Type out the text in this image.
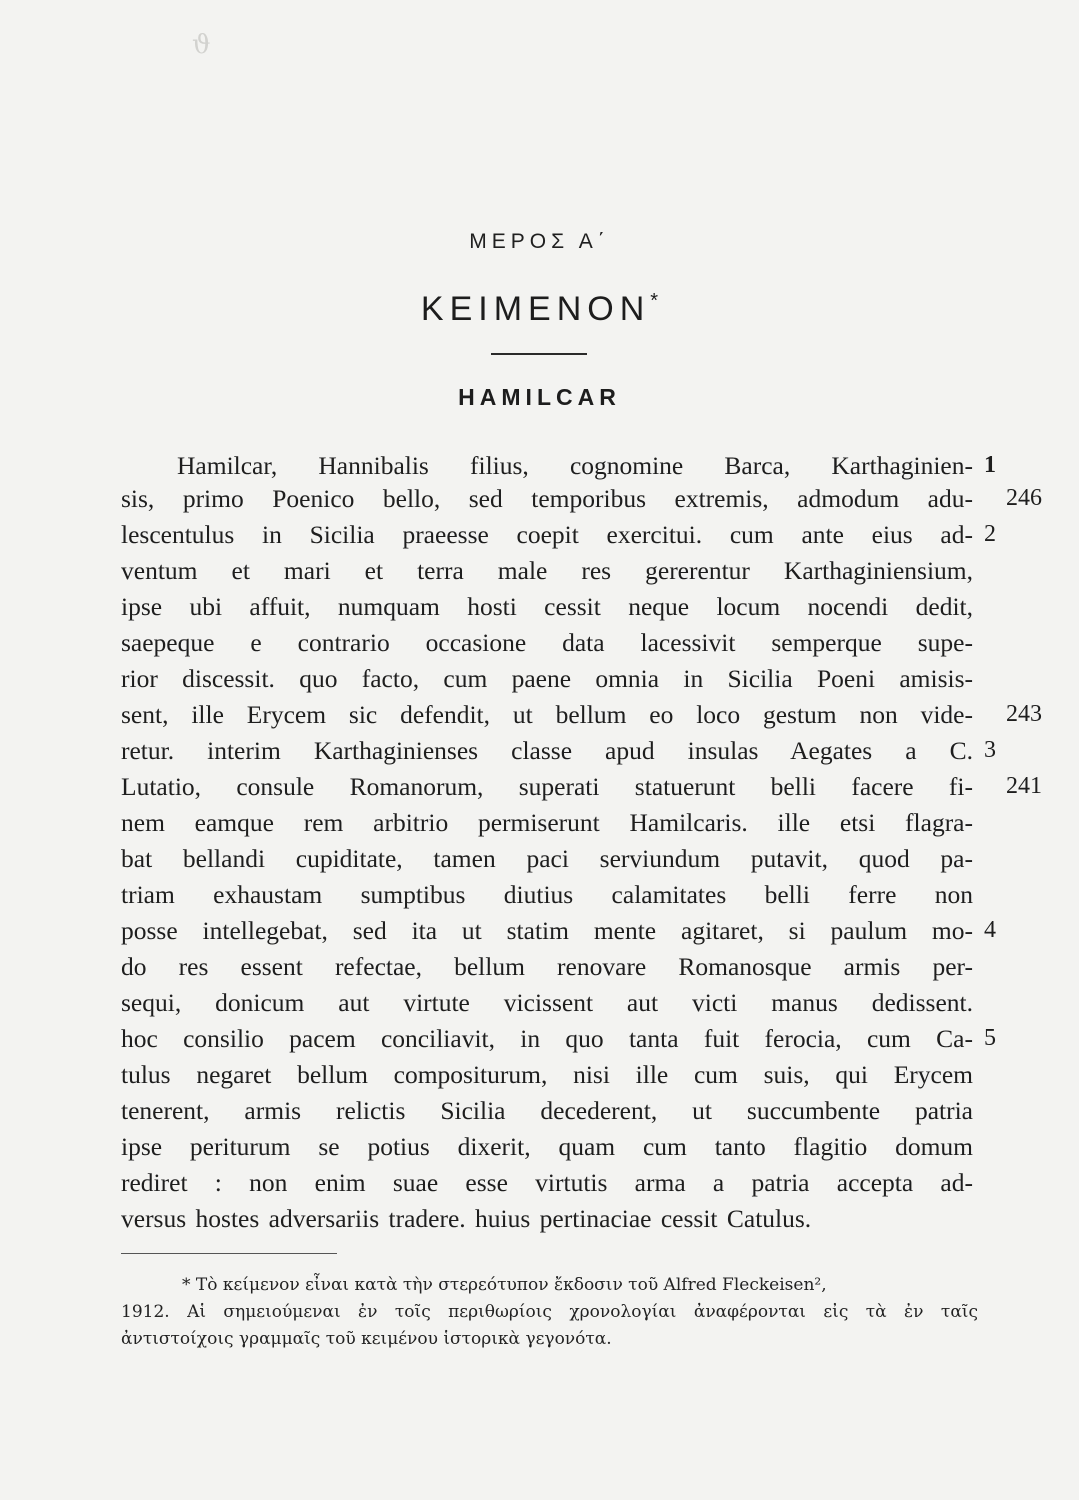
ϑ
ΜΕΡΟΣ Α΄
ΚΕΙΜΕΝΟΝ*
HAMILCAR
Hamilcar, Hannibalis filius, cognomine Barca, Karthaginien-
sis, primo Poenico bello, sed temporibus extremis, admodum adu-
lescentulus in Sicilia praeesse coepit exercitui. cum ante eius ad-
ventum et mari et terra male res gererentur Karthaginiensium,
ipse ubi affuit, numquam hosti cessit neque locum nocendi dedit,
saepeque e contrario occasione data lacessivit semperque supe-
rior discessit. quo facto, cum paene omnia in Sicilia Poeni amisis-
sent, ille Erycem sic defendit, ut bellum eo loco gestum non vide-
retur. interim Karthaginienses classe apud insulas Aegates a C.
Lutatio, consule Romanorum, superati statuerunt belli facere fi-
nem eamque rem arbitrio permiserunt Hamilcaris. ille etsi flagra-
bat bellandi cupiditate, tamen paci serviundum putavit, quod pa-
triam exhaustam sumptibus diutius calamitates belli ferre non
posse intellegebat, sed ita ut statim mente agitaret, si paulum mo-
do res essent refectae, bellum renovare Romanosque armis per-
sequi, donicum aut virtute vicissent aut victi manus dedissent.
hoc consilio pacem conciliavit, in quo tanta fuit ferocia, cum Ca-
tulus negaret bellum compositurum, nisi ille cum suis, qui Erycem
tenerent, armis relictis Sicilia decederent, ut succumbente patria
ipse periturum se potius dixerit, quam cum tanto flagitio domum
rediret : non enim suae esse virtutis arma a patria accepta ad-
versus hostes adversariis tradere. huius pertinaciae cessit Catulus.
1
246
2
243
3
241
4
5
* Τὸ κείμενον εἶναι κατὰ τὴν στερεότυπον ἔκδοσιν τοῦ Alfred Fleckeisen²,
1912. Αἱ σημειούμεναι ἐν τοῖς περιθωρίοις χρονολογίαι ἀναφέρονται εἰς τὰ ἐν ταῖς
ἀντιστοίχοις γραμμαῖς τοῦ κειμένου ἱστορικὰ γεγονότα.
